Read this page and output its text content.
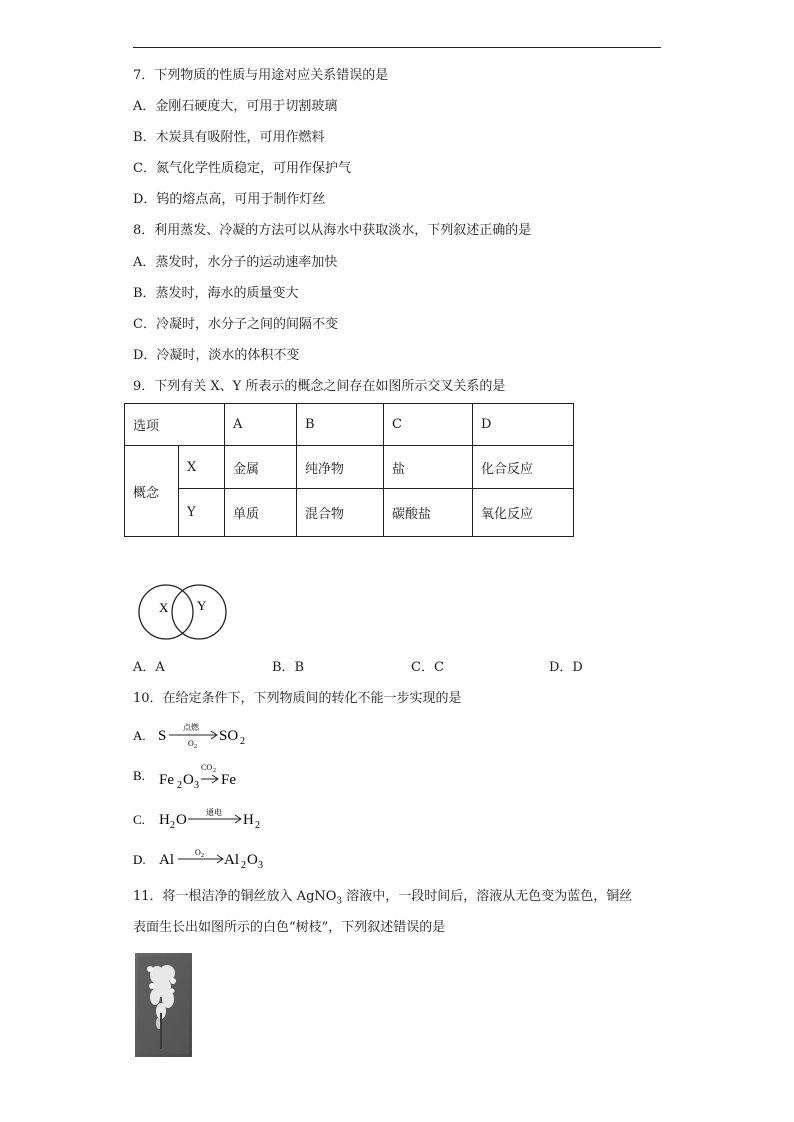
7．下列物质的性质与用途对应关系错误的是
A．金刚石硬度大，可用于切割玻璃
B．木炭具有吸附性，可用作燃料
C．氮气化学性质稳定，可用作保护气
D．钨的熔点高，可用于制作灯丝
8．利用蒸发、冷凝的方法可以从海水中获取淡水，下列叙述正确的是
A．蒸发时，水分子的运动速率加快
B．蒸发时，海水的质量变大
C．冷凝时，水分子之间的间隔不变
D．冷凝时，淡水的体积不变
9．下列有关 X、Y 所表示的概念之间存在如图所示交叉关系的是
选项		A	B	C	D
概念	X	金属	纯净物	盐	化合反应
	Y	单质	混合物	碳酸盐	氧化反应
X Y
A．A	B．B	C．C	D．D
10．在给定条件下，下列物质间的转化不能一步实现的是
A. S
点燃
O 2
SO 2
B. Fe 2 O 3
CO 2
Fe
C. H 2 O 通电 H 2
D. Al	O 2 Al 2 O 3
11．将一根洁净的铜丝放入 AgNO$_3$ 溶液中，一段时间后，溶液从无色变为蓝色，铜丝
表面生长出如图所示的白色“树枝”，下列叙述错误的是
